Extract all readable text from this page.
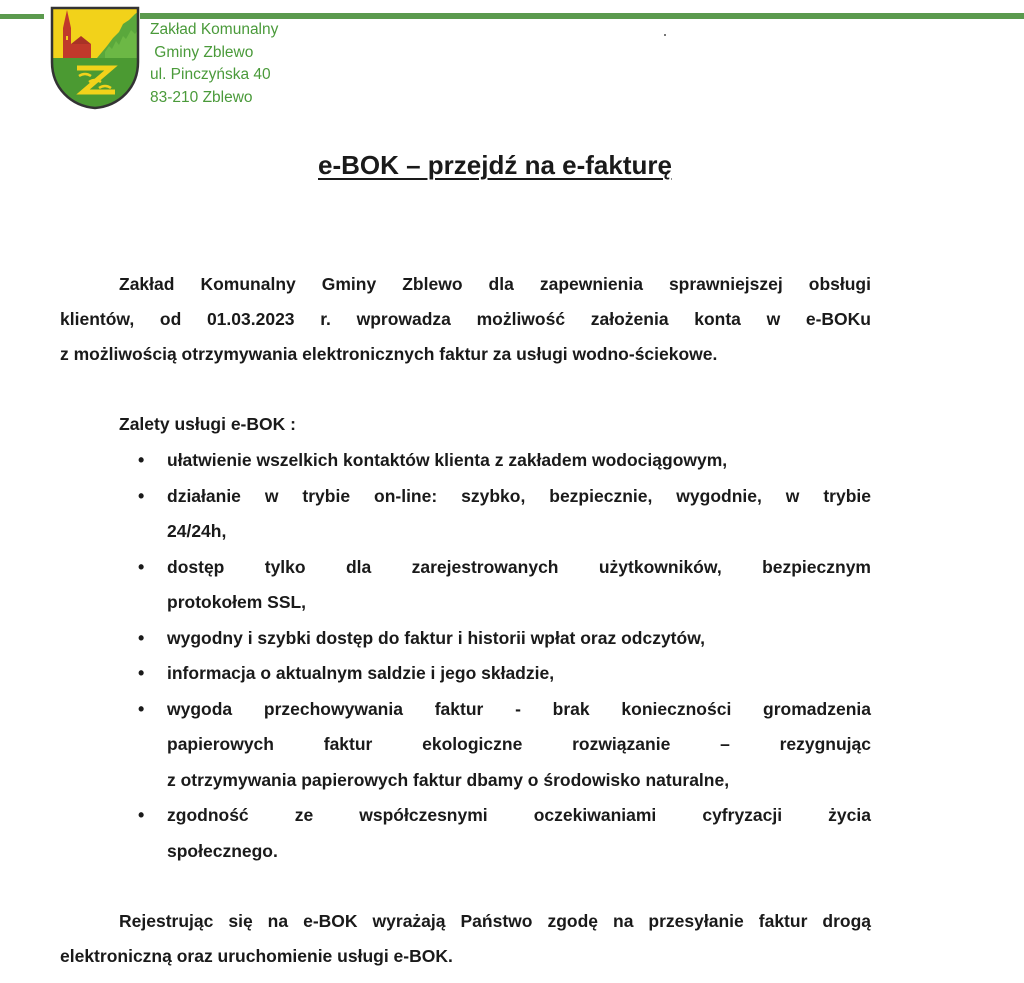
Zakład Komunalny
Gminy Zblewo
ul. Pinczyńska 40
83-210 Zblewo
e-BOK – przejdź na e-fakturę
Zakład Komunalny Gminy Zblewo dla zapewnienia sprawniejszej obsługi
klientów, od 01.03.2023 r. wprowadza możliwość założenia konta w e-BOKu
z możliwością otrzymywania elektronicznych faktur za usługi wodno-ściekowe.
Zalety usługi e-BOK :
• ułatwienie wszelkich kontaktów klienta z zakładem wodociągowym,
• działanie w trybie on-line: szybko, bezpiecznie, wygodnie, w trybie
24/24h,
• dostęp tylko dla zarejestrowanych użytkowników, bezpiecznym
protokołem SSL,
• wygodny i szybki dostęp do faktur i historii wpłat oraz odczytów,
• informacja o aktualnym saldzie i jego składzie,
• wygoda przechowywania faktur - brak konieczności gromadzenia
papierowych faktur ekologiczne rozwiązanie – rezygnując
z otrzymywania papierowych faktur dbamy o środowisko naturalne,
• zgodność ze współczesnymi oczekiwaniami cyfryzacji życia
społecznego.
Rejestrując się na e-BOK wyrażają Państwo zgodę na przesyłanie faktur drogą
elektroniczną oraz uruchomienie usługi e-BOK.
